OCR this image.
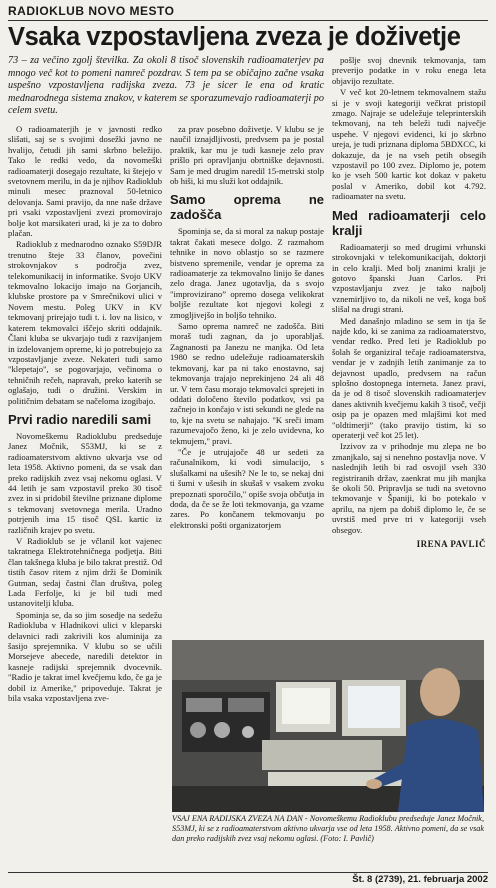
RADIOKLUB NOVO MESTO
Vsaka vzpostavljena zveza je doživetje
73 – za večino zgolj številka. Za okoli 8 tisoč slovenskih radioamaterjev pa mnogo več kot to pomeni namreč pozdrav. S tem pa se običajno začne vsaka uspešno vzpostavljena radijska zveza. 73 je sicer le ena od kratic mednarodnega sistema znakov, v katerem se sporazumevajo radioamaterji po celem svetu.

O radioamaterjih je v javnosti redko slišati, saj se s svojimi dosežki javno ne hvalijo, četudi jih sami skrbno beležijo. Tako le redki vedo, da novomeški radioamaterji dosegajo rezultate, ki štejejo v svetovnem merilu, in da je njihov Radioklub minuli mesec praznoval 50-letnico delovanja. Sami pravijo, da nne naše države pri vsaki vzpostavljeni zvezi promovirajo bolje kot marsikateri urad, ki je za to dobro plačan.

Radioklub z mednarodno oznako S59DJR trenutno šteje 33 članov, povečini strokovnjakov s področja zvez, telekomunikacij in informatike. Svojo UKV tekmovalno lokacijo imajo na Gorjancih, klubske prostore pa v Smrečnikovi ulici v Novem mestu. Poleg UKV in KV tekmovanj prirejajo tudi t. i. lov na lisico, v katerem tekmovalci iščejo skriti oddajnik. Člani kluba se ukvarjajo tudi z razvijanjem in izdelovanjem opreme, ki jo potrebujejo za vzpostavljanje zveze. Nekateri tudi samo "klepetajo", se pogovarjajo, večinoma o tehničnih rečeh, napravah, preko katerih se oglašajo, tudi o družini. Verskim in političnim debatam se načeloma izogibajo.

Prvi radio naredili sami

Novomeškemu Radioklubu predseduje Janez Močnik, S53MJ, ki se z radioamaterstvom aktivno ukvarja vse od leta 1958. Aktivno pomeni, da se vsak dan preko radijskih zvez vsaj nekomu oglasi. V 44 letih je sam vzpostavil preko 30 tisoč zvez in si pridobil številne priznane diplome s tekmovanj svetovnega merila. Uradno potrjenih ima 15 tisoč QSL kartic iz različnih krajev po svetu.

V Radioklub se je včlanil kot vajenec takratnega Elektrotehničnega podjetja. Biti član takšnega kluba je bilo takrat prestiž. Od tistih časov ritem z njim drži še Dominik Gutman, sedaj častni član društva, poleg Lada Ferfolje, ki je bil tudi med ustanovitelji kluba.

Spominja se, da so jim sosedje na sedežu Radiokluba v Hladnikovi ulici v kleparski delavnici radi zakrivili kos aluminija za šasijo sprejemnika. V klubu so se učili Morsejeve abecede, naredili detektor in kasneje radijski sprejemnik dvocevnik. "Radio je takrat imel kvečjemu kdo, če ga je dobil iz Amerike," pripoveduje. Takrat je bila vsaka vzpostavljena zve-

za prav posebno doživetje. V klubu se je naučil iznajdljivosti, predvsem pa je postal praktik, kar mu je tudi kasneje zelo prav prišlo pri opravljanju obrtniške dejavnosti. Sam je med drugim naredil 15-metrski stolp ob hiši, ki mu služi kot oddajnik.

Samo oprema ne zadošča

Spominja se, da si moral za nakup postaje takrat čakati mesece dolgo. Z razmahom tehnike in novo oblastjo so se razmere bistveno spremenile, vendar je oprema za radioamaterje za tekmovalno linijo še danes zelo draga. Janez ugotavlja, da s svojo "improviziranoˮ opremo dosega velikokrat boljše rezultate kot njegovi kolegi z zmogljivejšo in boljšo tehniko.

Samo oprema namreč ne zadošča. Biti moraš tudi zagnan, da jo uporabljaš. Zagnanosti pa Janezu ne manjka. Od leta 1980 se redno udeležuje radioamaterskih tekmovanj, kar pa ni tako enostavno, saj tekmovanja trajajo neprekinjeno 24 ali 48 ur. V tem času morajo tekmovalci sprejeti in oddati določeno število podatkov, vsi pa začnejo in končajo v isti sekundi ne glede na to, kje na svetu se nahajajo. "K sreči imam razumevajočo ženo, ki je zelo uvidevna, ko tekmujem," pravi.

"Če je utrujajoče 48 ur sedeti za računalnikom, ki vodi simulacijo, s slušalkami na ušesih? Ne le to, se nekaj dni ti šumi v ušesih in skušaš v vsakem zvoku prepoznati sporočilo," opiše svoja občutja in doda, da če se že loti tekmovanja, ga vzame zares. Po končanem tekmovanju po elektronski pošti organizatorjem

pošlje svoj dnevnik tekmovanja, tam preverijo podatke in v roku enega leta objavijo rezultate.

V več kot 20-letnem tekmovalnem stažu si je v svoji kategoriji večkrat pristopil zmago. Najraje se udeležuje teleprinterskih tekmovanj, na teh beleži tudi največje uspehe. V njegovi evidenci, ki jo skrbno ureja, je tudi priznana diploma 5BDXCC, ki dokazuje, da je na vseh petih obsegih vzpostavil po 100 zvez. Diplomo je, potem ko je vseh 500 kartic kot dokaz v paketu poslal v Ameriko, dobil kot 4.792. radioamater na svetu.

Med radioamaterji celo kralji

Radioamaterji so med drugimi vrhunski strokovnjaki v telekomunikacijah, doktorji in celo kralji. Med bolj znanimi kralji je gotovo španski Juan Carlos. Pri vzpostavljanju zvez je tako najbolj vznemirljivo to, da nikoli ne veš, koga boš slišal na drugi strani.

Med današnjo mladino se sem in tja še najde kdo, ki se zanima za radioamaterstvo, vendar redko. Pred leti je Radioklub po šolah še organiziral tečaje radioamaterstva, vendar je v zadnjih letih zanimanje za to dejavnost upadlo, predvsem na račun splošno dostopnega interneta. Janez pravi, da je od 8 tisoč slovenskih radioamaterjev danes aktivnih kvečjemu kakih 3 tisoč, večji osip pa je opazen med mlajšimi kot med "oldtimerjiˮ (tako pravijo tistim, ki so operaterji več kot 25 let).

Izzivov za v prihodnje mu zlepa ne bo zmanjkalo, saj si nenehno postavlja nove. V naslednjih letih bi rad osvojil vseh 330 registriranih držav, zaenkrat mu jih manjka še okoli 50. Pripravlja se tudi na svetovno tekmovanje v Španiji, ki bo potekalo v aprilu, na njem pa dobiš diplomo le, če se uvrstiš med prve tri v kategoriji vseh obsegov.

IRENA PAVLIČ
VSAJ ENA RADIJSKA ZVEZA NA DAN - Novomeškemu Radioklubu predseduje Janez Močnik, S53MJ, ki se z radioamaterstvom aktivno ukvarja vse od leta 1958. Aktivno pomeni, da se vsak dan preko radijskih zvez vsaj nekomu oglasi. (Foto: I. Pavlič)
Št. 8 (2739), 21. februarja 2002
